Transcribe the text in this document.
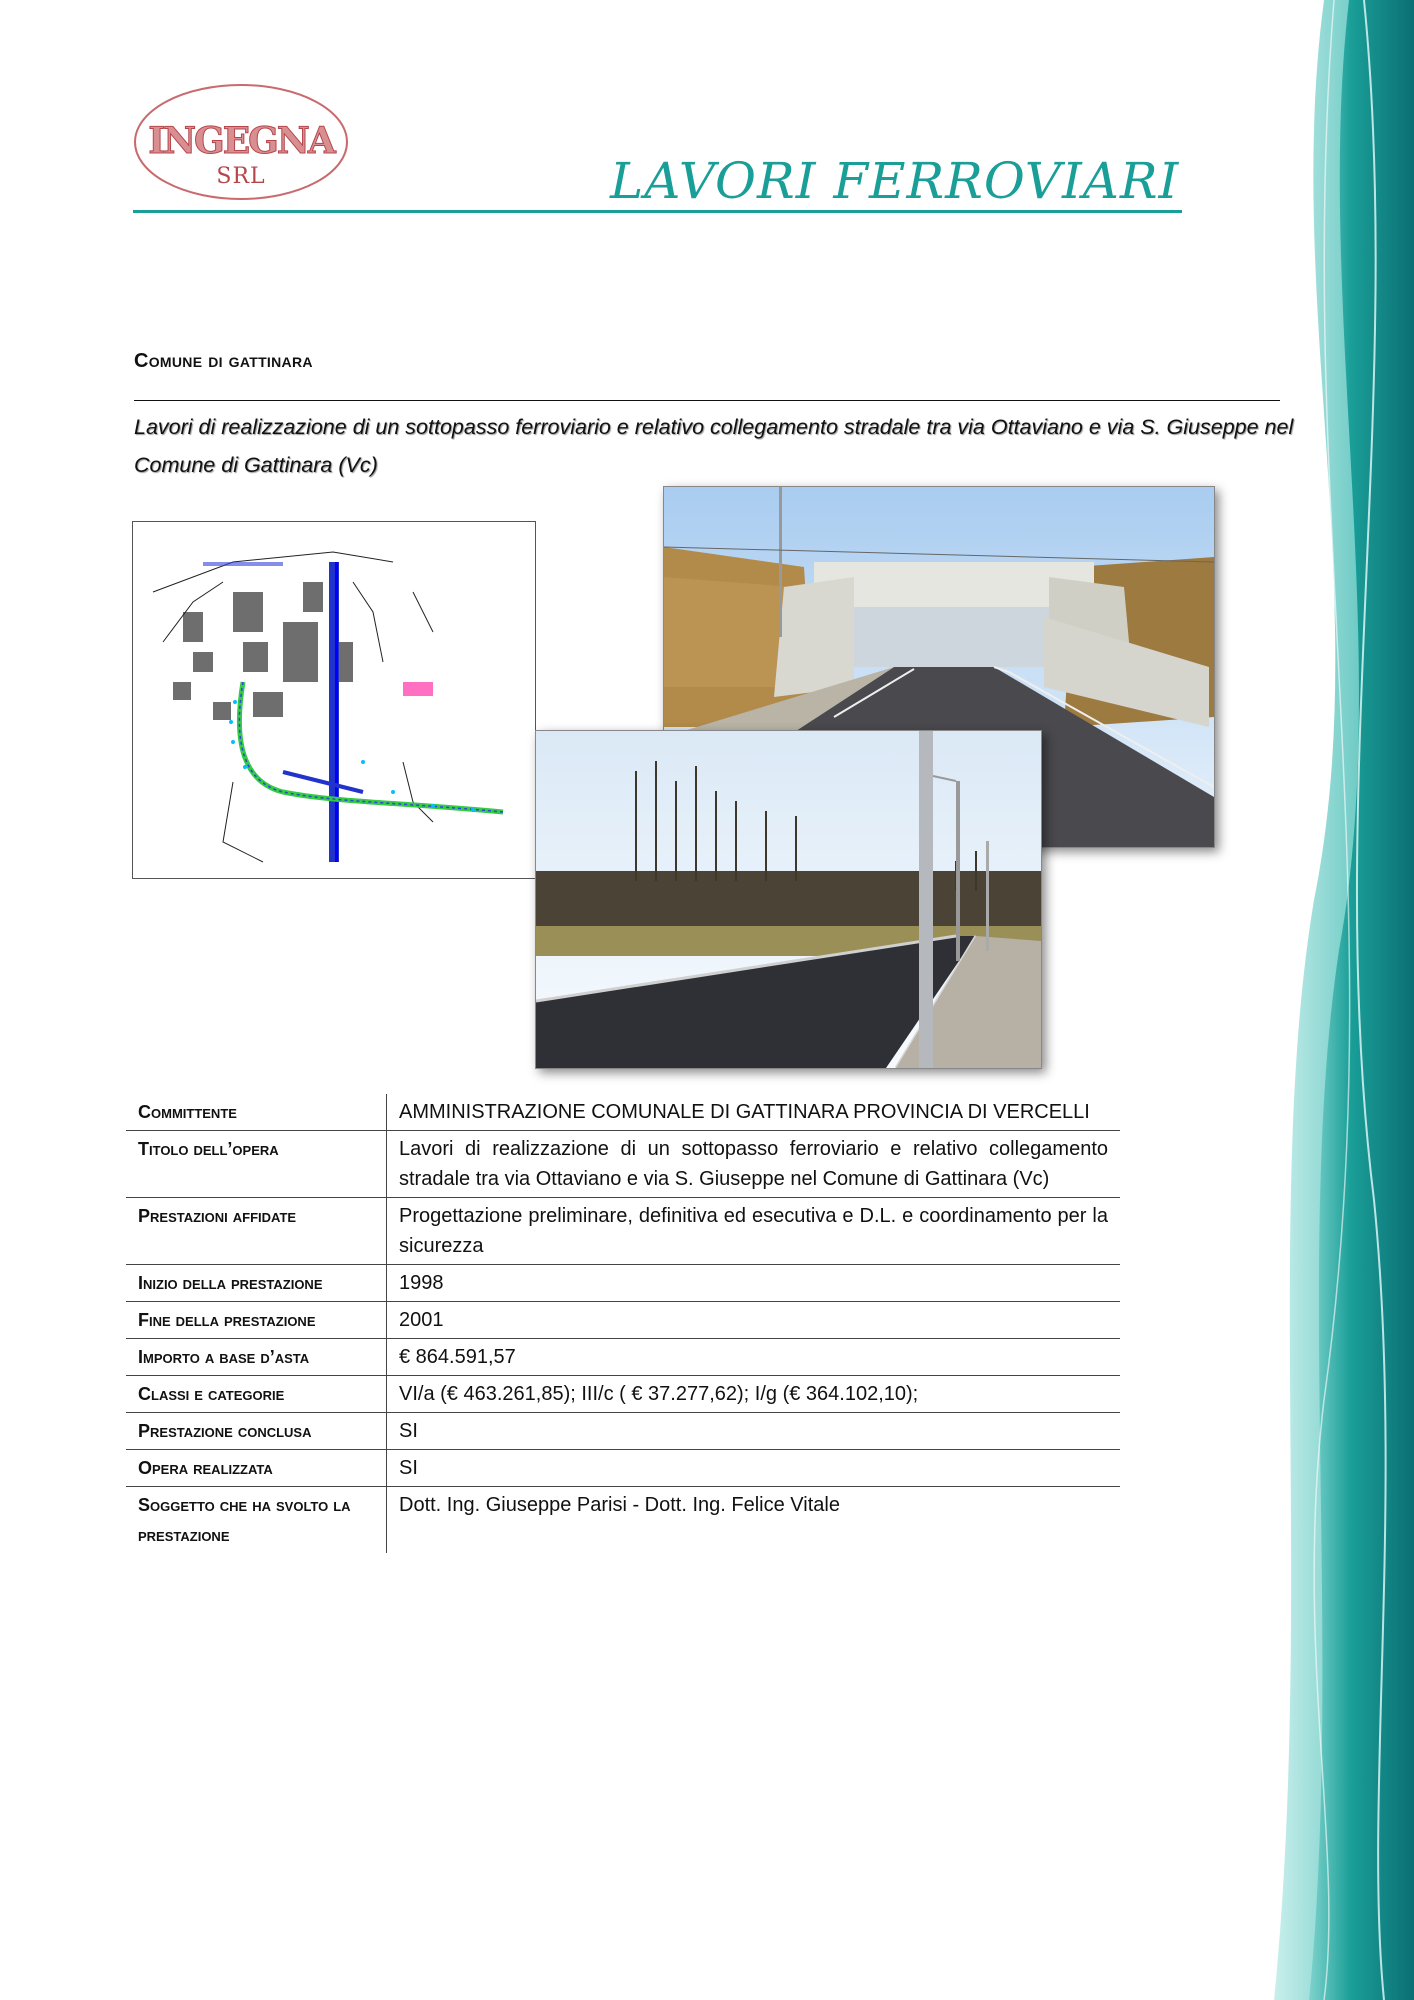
INGEGNA
SRL	LAVORI FERROVIARI
Comune di gattinara
Lavori di realizzazione di un sottopasso ferroviario e relativo collegamento stradale tra via Ottaviano e via S. Giuseppe nel Comune di Gattinara (Vc)
Committente	AMMINISTRAZIONE COMUNALE DI GATTINARA PROVINCIA DI VERCELLI
Titolo dell’opera	Lavori di realizzazione di un sottopasso ferroviario e relativo collegamento stradale tra via Ottaviano e via S. Giuseppe nel Comune di Gattinara (Vc)
Prestazioni affidate	Progettazione preliminare, definitiva ed esecutiva e D.L. e coordinamento per la sicurezza
Inizio della prestazione	1998
Fine della prestazione	2001
Importo a base d’asta	€ 864.591,57
Classi e categorie	VI/a (€ 463.261,85); III/c ( € 37.277,62); I/g (€ 364.102,10);
Prestazione conclusa	SI
Opera realizzata	SI
Soggetto che ha svolto la prestazione	Dott. Ing. Giuseppe Parisi - Dott. Ing. Felice Vitale
